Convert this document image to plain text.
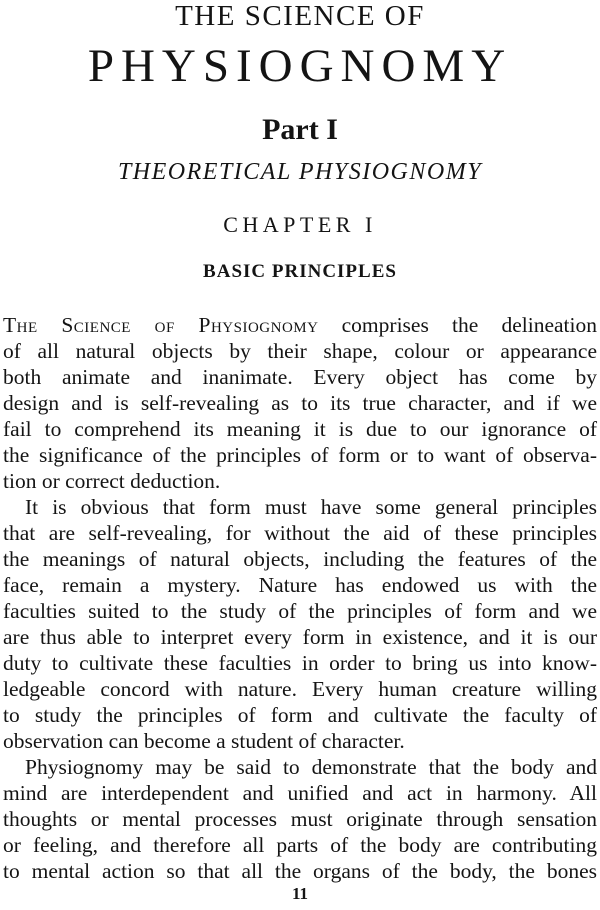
THE SCIENCE OF
PHYSIOGNOMY
Part I
THEORETICAL PHYSIOGNOMY
CHAPTER I
BASIC PRINCIPLES
The Science of Physiognomy comprises the delineation
of all natural objects by their shape, colour or appearance
both animate and inanimate. Every object has come by
design and is self-revealing as to its true character, and if we
fail to comprehend its meaning it is due to our ignorance of
the significance of the principles of form or to want of observa-
tion or correct deduction.
It is obvious that form must have some general principles
that are self-revealing, for without the aid of these principles
the meanings of natural objects, including the features of the
face, remain a mystery. Nature has endowed us with the
faculties suited to the study of the principles of form and we
are thus able to interpret every form in existence, and it is our
duty to cultivate these faculties in order to bring us into know-
ledgeable concord with nature. Every human creature willing
to study the principles of form and cultivate the faculty of
observation can become a student of character.
Physiognomy may be said to demonstrate that the body and
mind are interdependent and unified and act in harmony. All
thoughts or mental processes must originate through sensation
or feeling, and therefore all parts of the body are contributing
to mental action so that all the organs of the body, the bones
11
